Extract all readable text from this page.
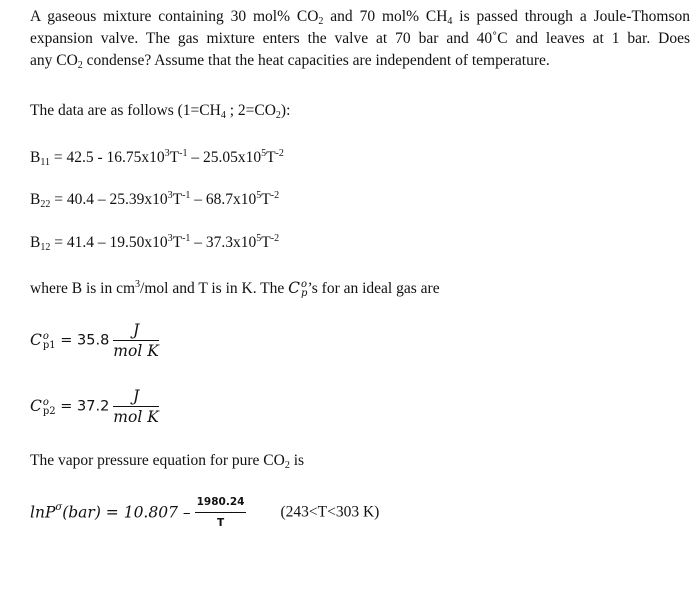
A gaseous mixture containing 30 mol% $CO_2$ and 70 mol% $CH_4$ is passed through a Joule-Thomson
expansion valve. The gas mixture enters the valve at 70 bar and 40˚C and leaves at 1 bar. Does
any $CO_2$ condense? Assume that the heat capacities are independent of temperature.
The data are as follows ($1=CH_4$ ; $2=CO_2$):
$B_{11} = 42.5 - 16.75x10^3T^{-1} - 25.05x10^5T^{-2}$
$B_{22} = 40.4 - 25.39x10^3T^{-1} - 68.7x10^5T^{-2}$
$B_{12} = 41.4 - 19.50x10^3T^{-1} - 37.3x10^5T^{-2}$
where B is in $cm^3$/mol and T is in K. The C o
p ’s for an ideal gas are
C o
$p1 = 35.8 \frac{J}{\text{mol K}}$
C o
$p2 = 37.2 \frac{J}{\text{mol K}}$
The vapor pressure equation for pure $CO_2$ is
$\ln P^\sigma(bar) = 10.807 - \frac{1980.24}{T} (243<T<303$ K)
